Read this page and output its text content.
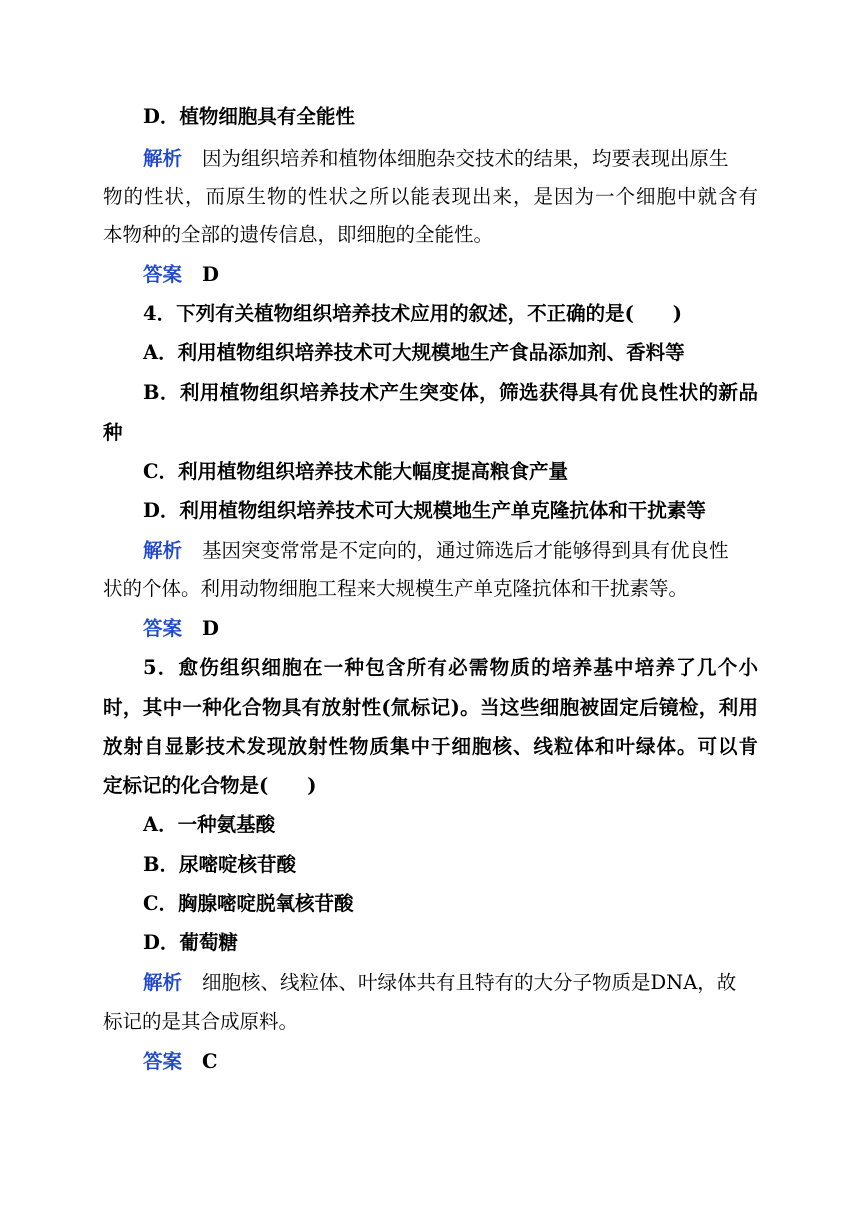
D．植物细胞具有全能性
解析 因为组织培养和植物体细胞杂交技术的结果，均要表现出原生
物的性状，而原生物的性状之所以能表现出来，是因为一个细胞中就含有
本物种的全部的遗传信息，即细胞的全能性。
答案 D
4．下列有关植物组织培养技术应用的叙述，不正确的是(　　)
A．利用植物组织培养技术可大规模地生产食品添加剂、香料等
B．利用植物组织培养技术产生突变体，筛选获得具有优良性状的新品
种
C．利用植物组织培养技术能大幅度提高粮食产量
D．利用植物组织培养技术可大规模地生产单克隆抗体和干扰素等
解析 基因突变常常是不定向的，通过筛选后才能够得到具有优良性
状的个体。利用动物细胞工程来大规模生产单克隆抗体和干扰素等。
答案 D
5．愈伤组织细胞在一种包含所有必需物质的培养基中培养了几个小
时，其中一种化合物具有放射性(氚标记)。当这些细胞被固定后镜检，利用
放射自显影技术发现放射性物质集中于细胞核、线粒体和叶绿体。可以肯
定标记的化合物是(　　)
A．一种氨基酸
B．尿嘧啶核苷酸
C．胸腺嘧啶脱氧核苷酸
D．葡萄糖
解析 细胞核、线粒体、叶绿体共有且特有的大分子物质是DNA，故
标记的是其合成原料。
答案 C
